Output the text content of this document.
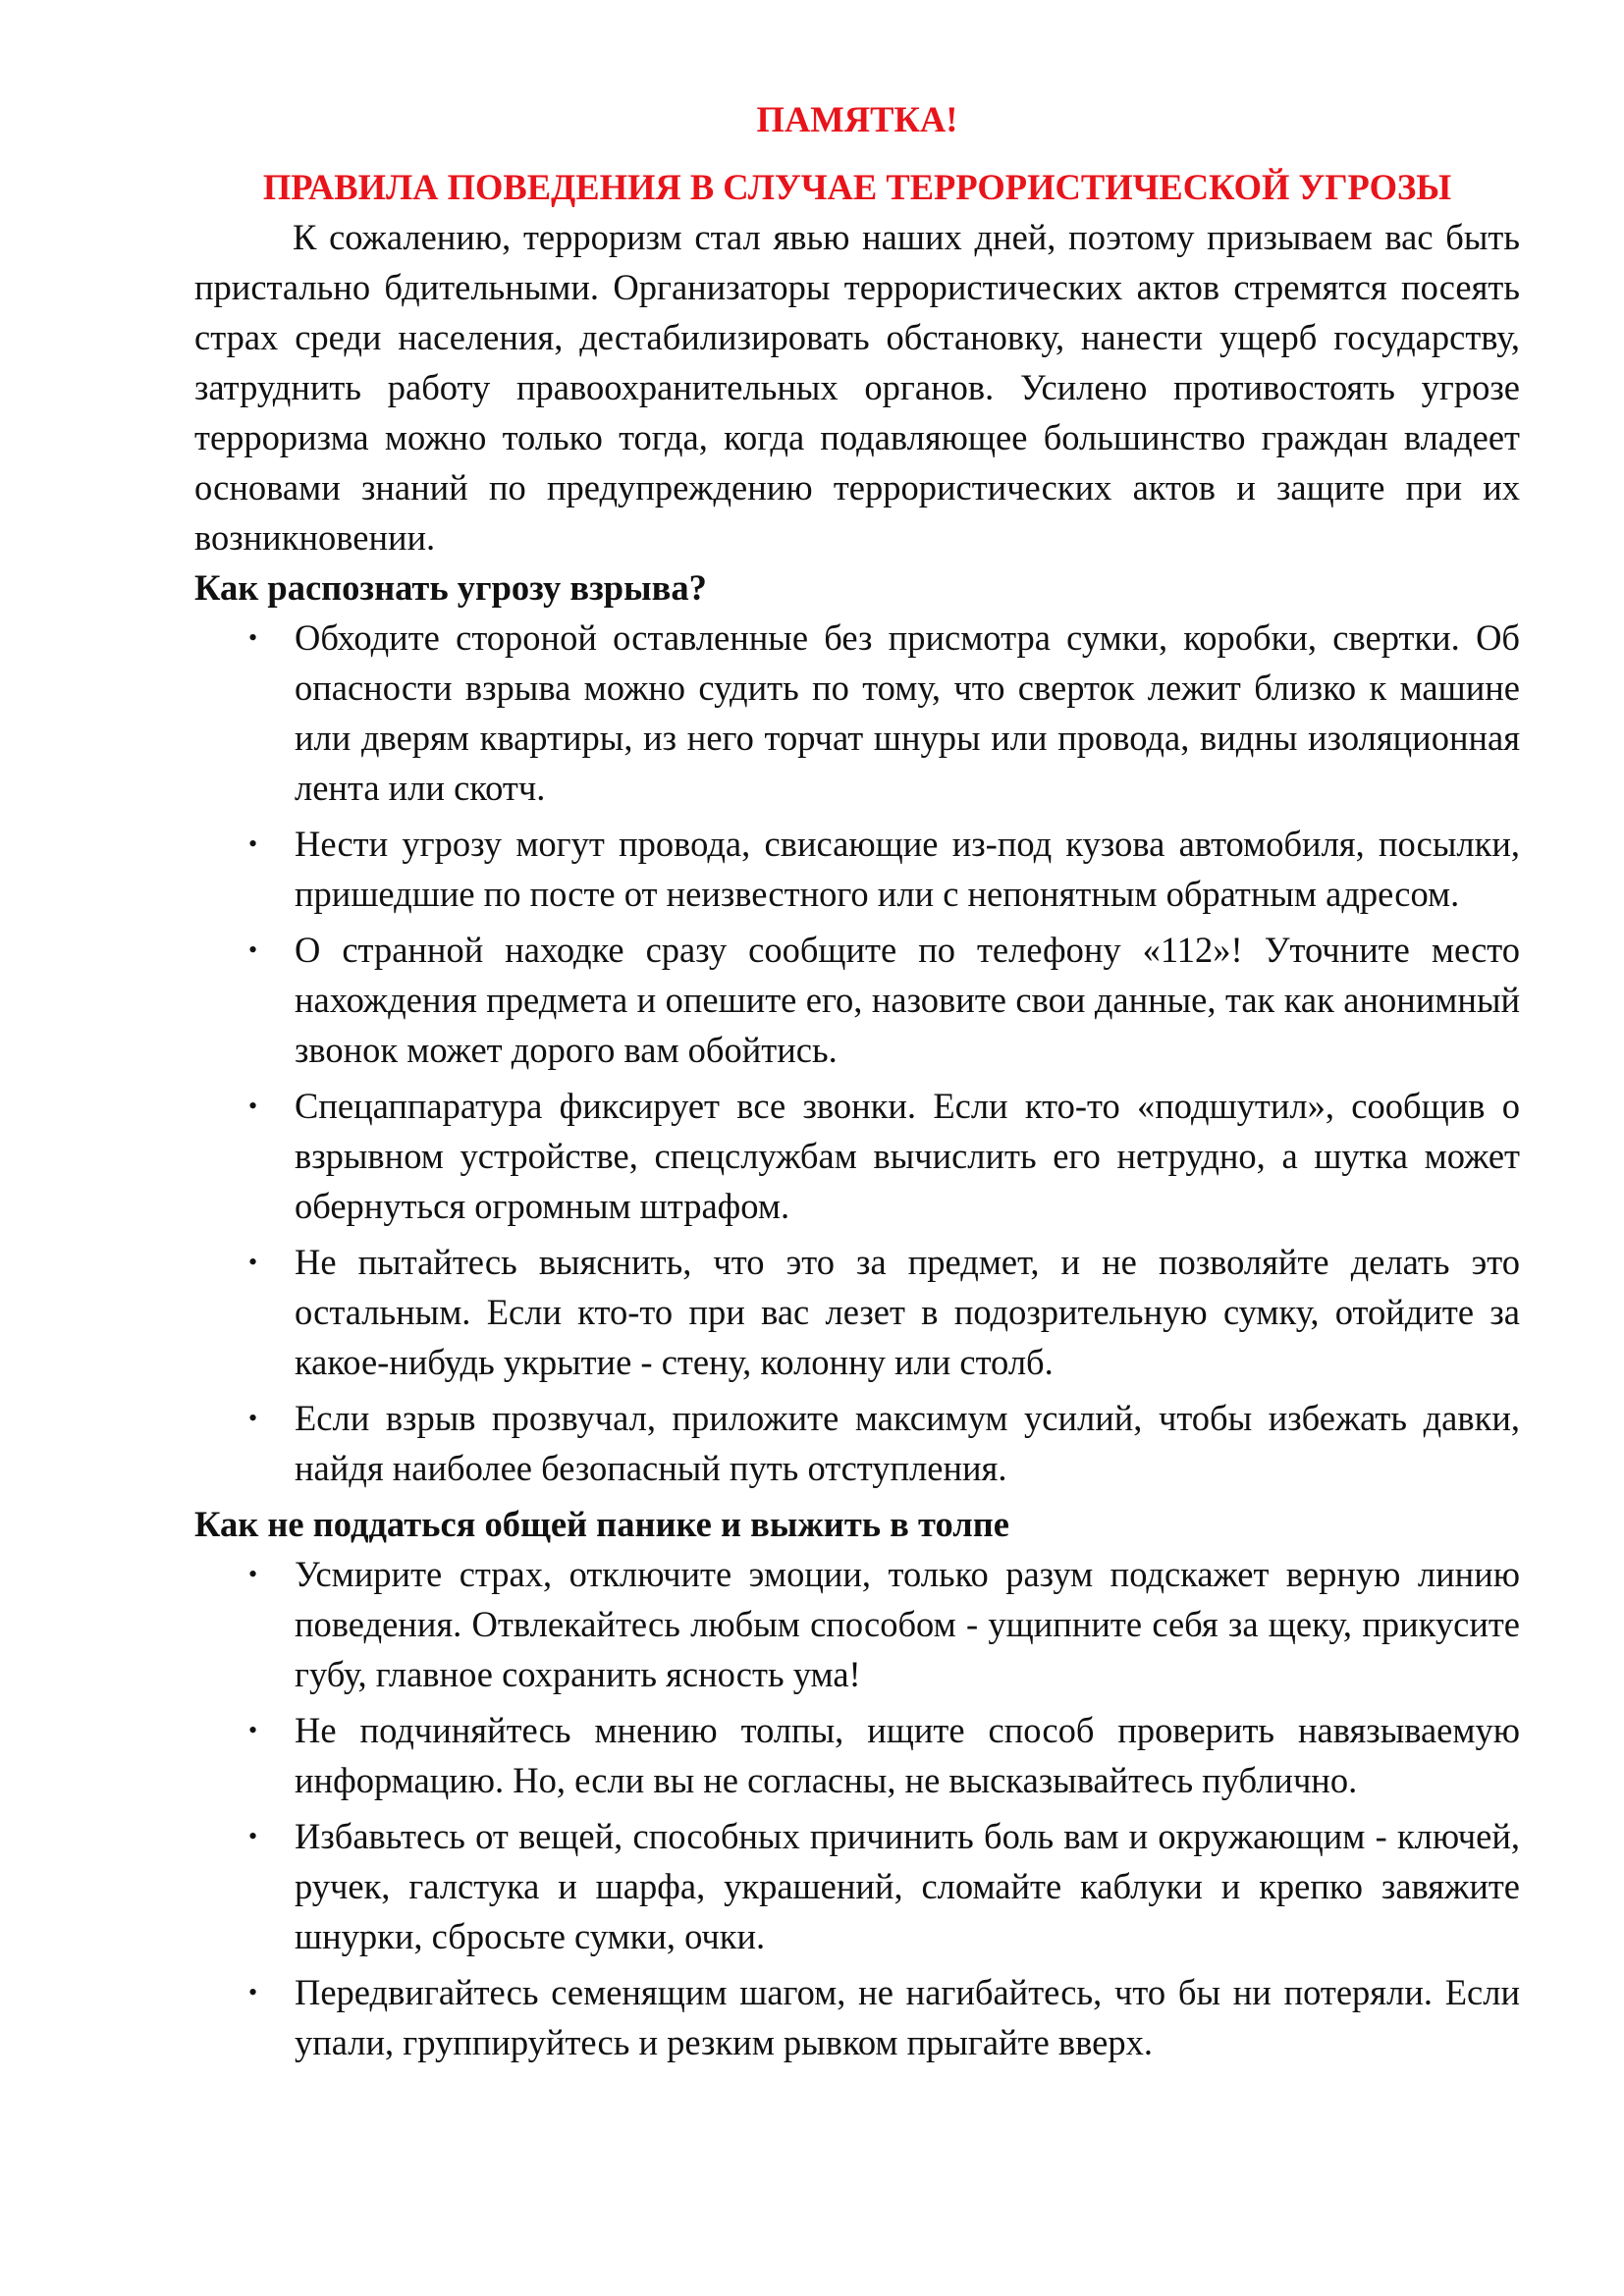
ПАМЯТКА!

ПРАВИЛА ПОВЕДЕНИЯ В СЛУЧАЕ ТЕРРОРИСТИЧЕСКОЙ УГРОЗЫ

К сожалению, терроризм стал явью наших дней, поэтому призываем вас быть пристально бдительными. Организаторы террористических актов стремятся посеять страх среди населения, дестабилизировать обстановку, нанести ущерб государству, затруднить работу правоохранительных органов. Усилено противостоять угрозе терроризма можно только тогда, когда подавляющее большинство граждан владеет основами знаний по предупреждению террористических актов и защите при их возникновении.

Как распознать угрозу взрыва?

• Обходите стороной оставленные без присмотра сумки, коробки, свертки. Об опасности взрыва можно судить по тому, что сверток лежит близко к машине или дверям квартиры, из него торчат шнуры или провода, видны изоляционная лента или скотч.
• Нести угрозу могут провода, свисающие из-под кузова автомобиля, посылки, пришедшие по посте от неизвестного или с непонятным обратным адресом.
• О странной находке сразу сообщите по телефону «112»! Уточните место нахождения предмета и опешите его, назовите свои данные, так как анонимный звонок может дорого вам обойтись.
• Спецаппаратура фиксирует все звонки. Если кто-то «подшутил», сообщив о взрывном устройстве, спецслужбам вычислить его нетрудно, а шутка может обернуться огромным штрафом.
• Не пытайтесь выяснить, что это за предмет, и не позволяйте делать это остальным. Если кто-то при вас лезет в подозрительную сумку, отойдите за какое-нибудь укрытие - стену, колонну или столб.
• Если взрыв прозвучал, приложите максимум усилий, чтобы избежать давки, найдя наиболее безопасный путь отступления.

Как не поддаться общей панике и выжить в толпе

• Усмирите страх, отключите эмоции, только разум подскажет верную линию поведения. Отвлекайтесь любым способом - ущипните себя за щеку, прикусите губу, главное сохранить ясность ума!
• Не подчиняйтесь мнению толпы, ищите способ проверить навязываемую информацию. Но, если вы не согласны, не высказывайтесь публично.
• Избавьтесь от вещей, способных причинить боль вам и окружающим - ключей, ручек, галстука и шарфа, украшений, сломайте каблуки и крепко завяжите шнурки, сбросьте сумки, очки.
• Передвигайтесь семенящим шагом, не нагибайтесь, что бы ни потеряли. Если упали, группируйтесь и резким рывком прыгайте вверх.
